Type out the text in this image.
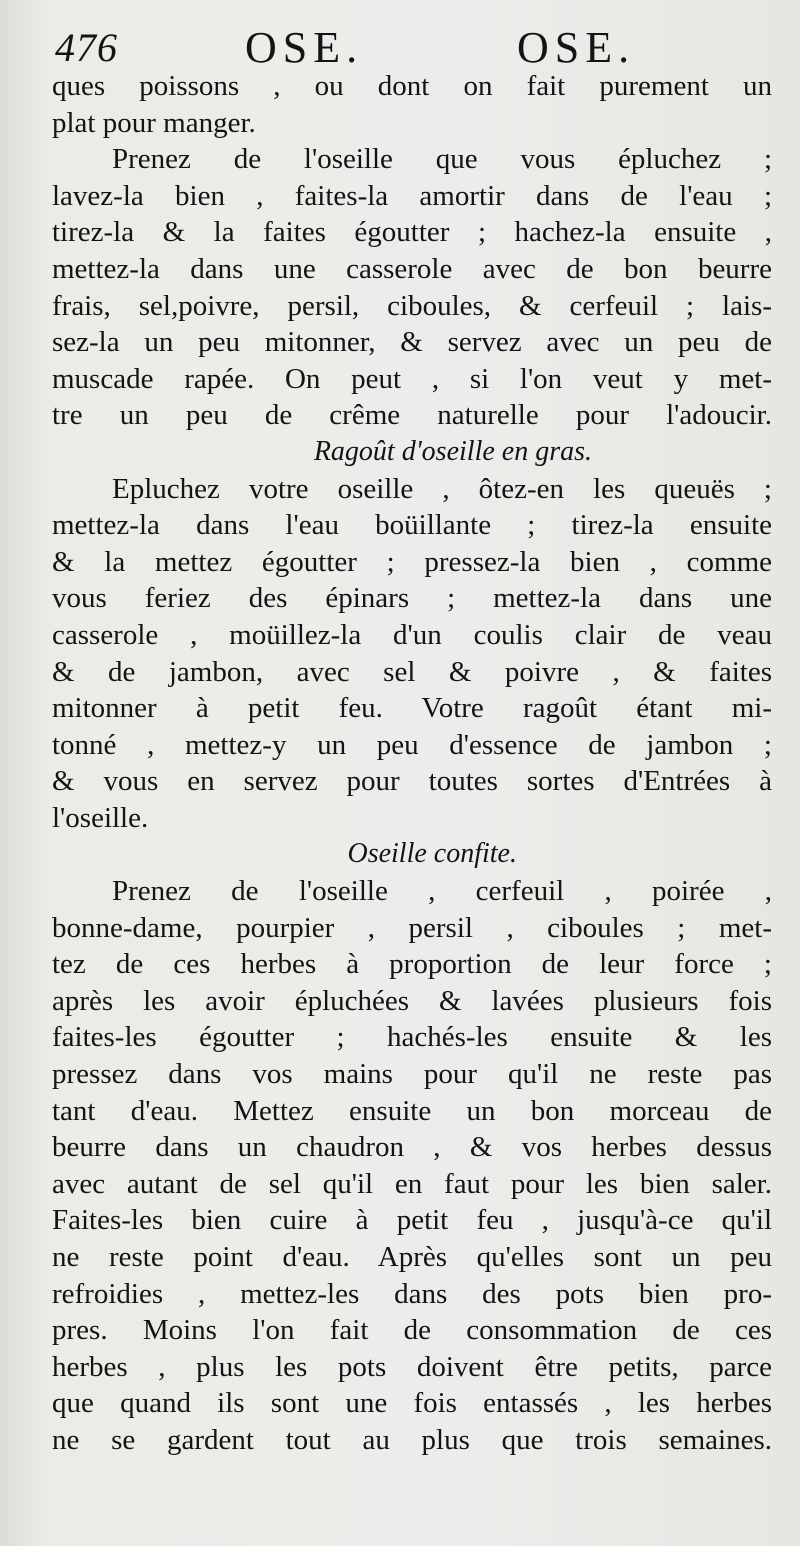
476	OSE.	OSE.
ques poissons , ou dont on fait purement un
plat pour manger.
Prenez de l'oseille que vous épluchez ;
lavez-la bien , faites-la amortir dans de l'eau ;
tirez-la & la faites égoutter ; hachez-la ensuite ,
mettez-la dans une casserole avec de bon beurre
frais, sel,poivre, persil, ciboules, & cerfeuil ; lais-
sez-la un peu mitonner, & servez avec un peu de
muscade rapée. On peut , si l'on veut y met-
tre un peu de crême naturelle pour l'adoucir.
Ragoût d'oseille en gras.
Epluchez votre oseille , ôtez-en les queuës ;
mettez-la dans l'eau boüillante ; tirez-la ensuite
& la mettez égoutter ; pressez-la bien , comme
vous feriez des épinars ; mettez-la dans une
casserole , moüillez-la d'un coulis clair de veau
& de jambon, avec sel & poivre , & faites
mitonner à petit feu. Votre ragoût étant mi-
tonné , mettez-y un peu d'essence de jambon ;
& vous en servez pour toutes sortes d'Entrées à
l'oseille.
Oseille confite.
Prenez de l'oseille , cerfeuil , poirée ,
bonne-dame, pourpier , persil , ciboules ; met-
tez de ces herbes à proportion de leur force ;
après les avoir épluchées & lavées plusieurs fois
faites-les égoutter ; hachés-les ensuite & les
pressez dans vos mains pour qu'il ne reste pas
tant d'eau. Mettez ensuite un bon morceau de
beurre dans un chaudron , & vos herbes dessus
avec autant de sel qu'il en faut pour les bien saler.
Faites-les bien cuire à petit feu , jusqu'à-ce qu'il
ne reste point d'eau. Après qu'elles sont un peu
refroidies , mettez-les dans des pots bien pro-
pres. Moins l'on fait de consommation de ces
herbes , plus les pots doivent être petits, parce
que quand ils sont une fois entassés , les herbes
ne se gardent tout au plus que trois semaines.
